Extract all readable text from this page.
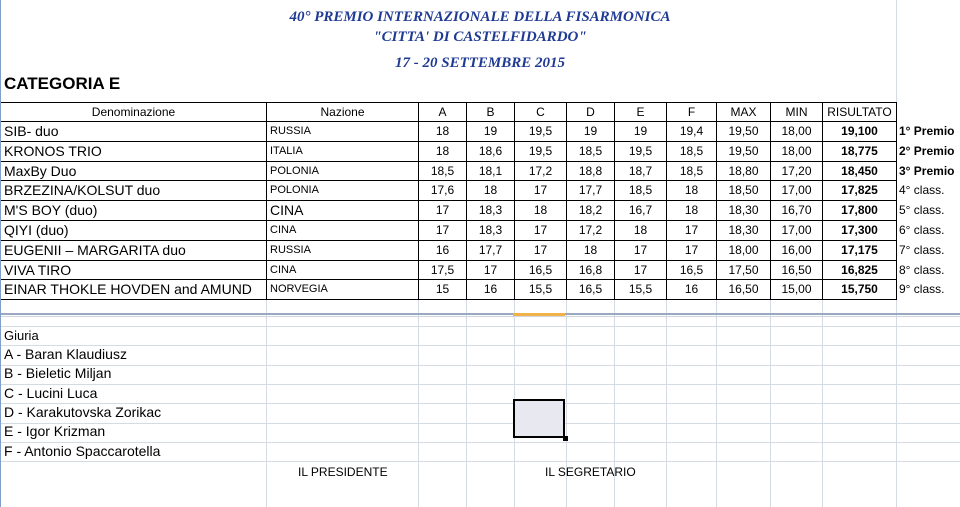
40° PREMIO INTERNAZIONALE DELLA FISARMONICA
"CITTA' DI CASTELFIDARDO"
17 - 20 SETTEMBRE 2015
CATEGORIA E
Denominazione	Nazione	A	B	C	D	E	F	MAX	MIN	RISULTATO
SIB- duo	RUSSIA	18	19	19,5	19	19	19,4	19,50	18,00	19,100	1° Premio
KRONOS TRIO	ITALIA	18	18,6	19,5	18,5	19,5	18,5	19,50	18,00	18,775	2° Premio
MaxBy Duo	POLONIA	18,5	18,1	17,2	18,8	18,7	18,5	18,80	17,20	18,450	3° Premio
BRZEZINA/KOLSUT duo	POLONIA	17,6	18	17	17,7	18,5	18	18,50	17,00	17,825	4° class.
M'S BOY (duo)	CINA	17	18,3	18	18,2	16,7	18	18,30	16,70	17,800	5° class.
QIYI (duo)	CINA	17	18,3	17	17,2	18	17	18,30	17,00	17,300	6° class.
EUGENII – MARGARITA duo	RUSSIA	16	17,7	17	18	17	17	18,00	16,00	17,175	7° class.
VIVA TIRO	CINA	17,5	17	16,5	16,8	17	16,5	17,50	16,50	16,825	8° class.
EINAR THOKLE HOVDEN and AMUND	NORVEGIA	15	16	15,5	16,5	15,5	16	16,50	15,00	15,750	9° class.
Giuria
A - Baran Klaudiusz
B - Bieletic Miljan
C - Lucini Luca
D - Karakutovska Zorikac
E - Igor Krizman
F - Antonio Spaccarotella
IL PRESIDENTE	IL SEGRETARIO
